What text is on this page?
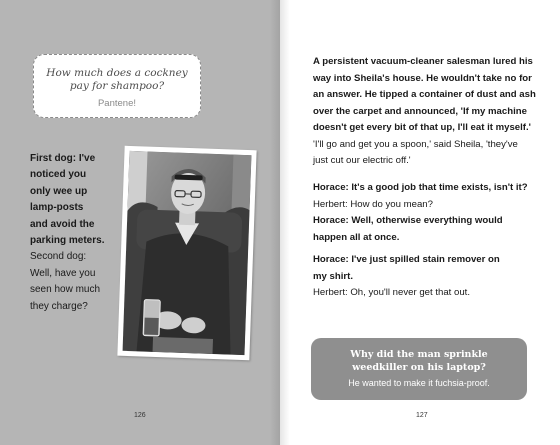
How much does a cockney pay for shampoo?
Pantene!
First dog: I've
noticed you
only wee up
lamp-posts
and avoid the
parking meters.
Second dog:
Well, have you
seen how much
they charge?
126
A persistent vacuum-cleaner salesman lured his
way into Sheila's house. He wouldn't take no for
an answer. He tipped a container of dust and ash
over the carpet and announced, 'If my machine
doesn't get every bit of that up, I'll eat it myself.'
'I'll go and get you a spoon,' said Sheila, 'they've
just cut our electric off.'
Horace: It's a good job that time exists, isn't it?
Herbert: How do you mean?
Horace: Well, otherwise everything would
happen all at once.
Horace: I've just spilled stain remover on
my shirt.
Herbert: Oh, you'll never get that out.
Why did the man sprinkle weedkiller on his laptop?
He wanted to make it fuchsia-proof.
127
